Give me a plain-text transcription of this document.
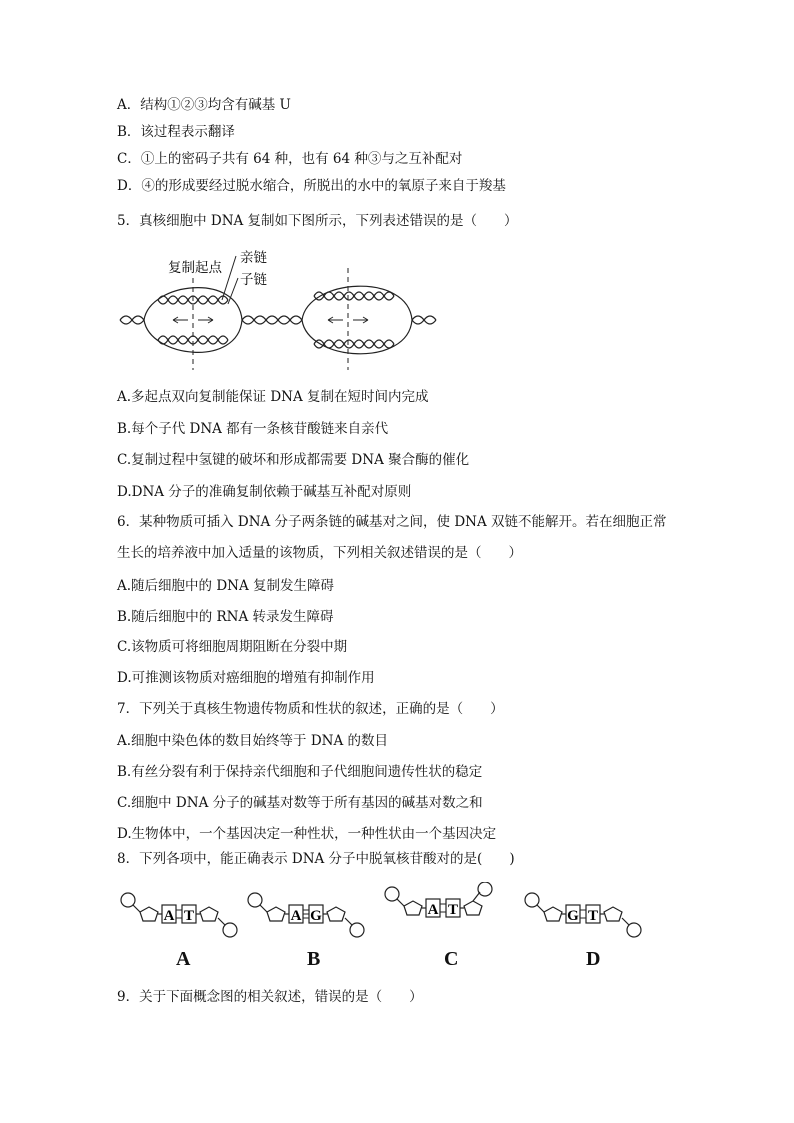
A．结构①②③均含有碱基 U
B．该过程表示翻译
C．①上的密码子共有 64 种，也有 64 种③与之互补配对
D．④的形成要经过脱水缩合，所脱出的水中的氧原子来自于羧基
5．真核细胞中 DNA 复制如下图所示，下列表述错误的是（　　）
复制起点
亲链
子链
A.多起点双向复制能保证 DNA 复制在短时间内完成
B.每个子代 DNA 都有一条核苷酸链来自亲代
C.复制过程中氢键的破坏和形成都需要 DNA 聚合酶的催化
D.DNA 分子的准确复制依赖于碱基互补配对原则
6．某种物质可插入 DNA 分子两条链的碱基对之间，使 DNA 双链不能解开。若在细胞正常
生长的培养液中加入适量的该物质，下列相关叙述错误的是（　　）
A.随后细胞中的 DNA 复制发生障碍
B.随后细胞中的 RNA 转录发生障碍
C.该物质可将细胞周期阻断在分裂中期
D.可推测该物质对癌细胞的增殖有抑制作用
7．下列关于真核生物遗传物质和性状的叙述，正确的是（　　）
A.细胞中染色体的数目始终等于 DNA 的数目
B.有丝分裂有利于保持亲代细胞和子代细胞间遗传性状的稳定
C.细胞中 DNA 分子的碱基对数等于所有基因的碱基对数之和
D.生物体中，一个基因决定一种性状，一种性状由一个基因决定
8．下列各项中，能正确表示 DNA 分子中脱氧核苷酸对的是(　　)
A T	A G	A T	G T
A	B	C	D
9．关于下面概念图的相关叙述，错误的是（　　）
